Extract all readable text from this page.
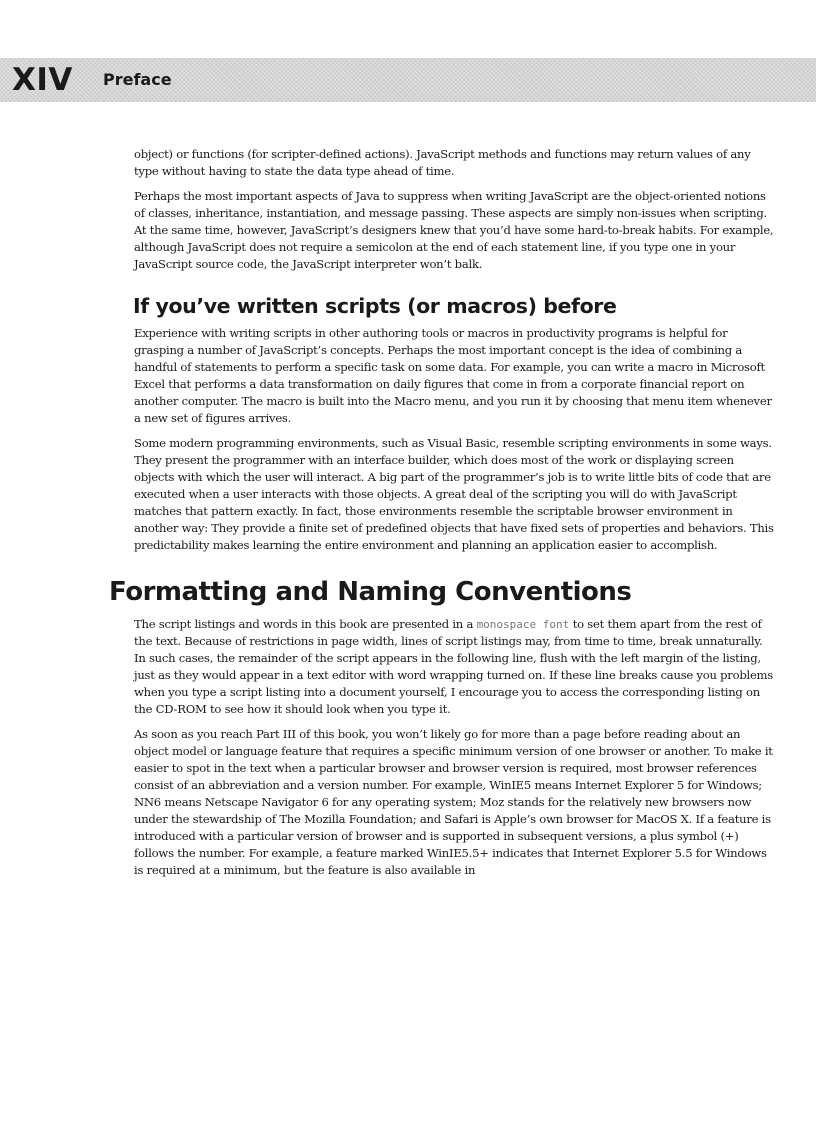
XIV Preface

object) or functions (for scripter-defined actions). JavaScript methods and functions may return values of any type without having to state the data type ahead of time.

Perhaps the most important aspects of Java to suppress when writing JavaScript are the object-oriented notions of classes, inheritance, instantiation, and message passing. These aspects are simply non-issues when scripting. At the same time, however, JavaScript’s designers knew that you’d have some hard-to-break habits. For example, although JavaScript does not require a semicolon at the end of each statement line, if you type one in your JavaScript source code, the JavaScript interpreter won’t balk.

If you’ve written scripts (or macros) before

Experience with writing scripts in other authoring tools or macros in productivity programs is helpful for grasping a number of JavaScript’s concepts. Perhaps the most important concept is the idea of combining a handful of statements to perform a specific task on some data. For example, you can write a macro in Microsoft Excel that performs a data transformation on daily figures that come in from a corporate financial report on another computer. The macro is built into the Macro menu, and you run it by choosing that menu item whenever a new set of figures arrives.

Some modern programming environments, such as Visual Basic, resemble scripting environments in some ways. They present the programmer with an interface builder, which does most of the work or displaying screen objects with which the user will interact. A big part of the programmer’s job is to write little bits of code that are executed when a user interacts with those objects. A great deal of the scripting you will do with JavaScript matches that pattern exactly. In fact, those environments resemble the scriptable browser environment in another way: They provide a finite set of predefined objects that have fixed sets of properties and behaviors. This predictability makes learning the entire environment and planning an application easier to accomplish.

Formatting and Naming Conventions

The script listings and words in this book are presented in a monospace font to set them apart from the rest of the text. Because of restrictions in page width, lines of script listings may, from time to time, break unnaturally. In such cases, the remainder of the script appears in the following line, flush with the left margin of the listing, just as they would appear in a text editor with word wrapping turned on. If these line breaks cause you problems when you type a script listing into a document yourself, I encourage you to access the corresponding listing on the CD-ROM to see how it should look when you type it.

As soon as you reach Part III of this book, you won’t likely go for more than a page before reading about an object model or language feature that requires a specific minimum version of one browser or another. To make it easier to spot in the text when a particular browser and browser version is required, most browser references consist of an abbreviation and a version number. For example, WinIE5 means Internet Explorer 5 for Windows; NN6 means Netscape Navigator 6 for any operating system; Moz stands for the relatively new browsers now under the stewardship of The Mozilla Foundation; and Safari is Apple’s own browser for MacOS X. If a feature is introduced with a particular version of browser and is supported in subsequent versions, a plus symbol (+) follows the number. For example, a feature marked WinIE5.5+ indicates that Internet Explorer 5.5 for Windows is required at a minimum, but the feature is also available in
